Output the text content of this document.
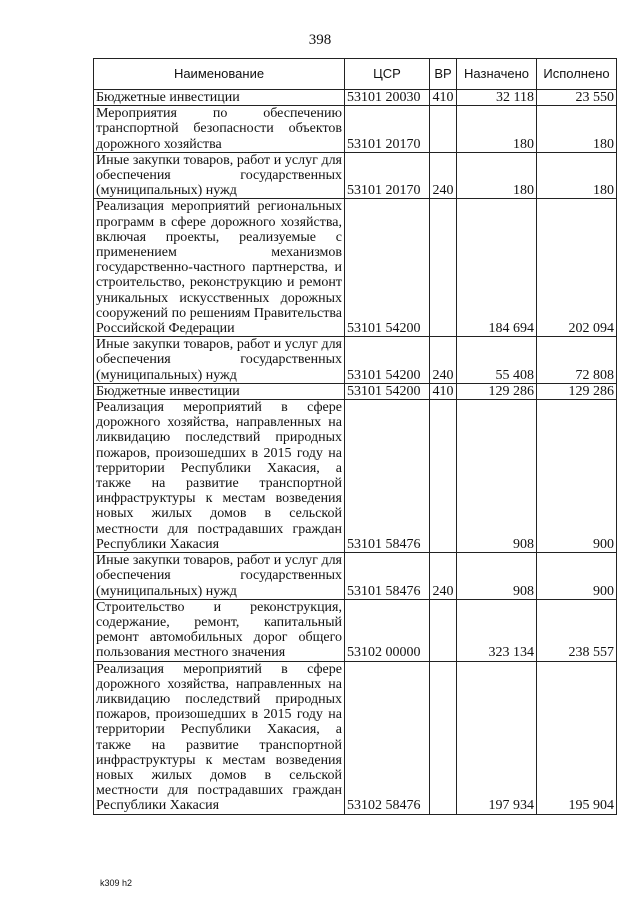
398
Наименование	ЦСР	ВР	Назначено	Исполнено
Бюджетные инвестиции	53101 20030	410	32 118	23 550
Мероприятия по обеспечению транспортной безопасности объектов дорожного хозяйства	53101 20170		180	180
Иные закупки товаров, работ и услуг для обеспечения государственных (муниципальных) нужд	53101 20170	240	180	180
Реализация мероприятий региональных программ в сфере дорожного хозяйства, включая проекты, реализуемые с применением механизмов государственно-частного партнерства, и строительство, реконструкцию и ремонт уникальных искусственных дорожных сооружений по решениям Правительства Российской Федерации	53101 54200		184 694	202 094
Иные закупки товаров, работ и услуг для обеспечения государственных (муниципальных) нужд	53101 54200	240	55 408	72 808
Бюджетные инвестиции	53101 54200	410	129 286	129 286
Реализация мероприятий в сфере дорожного хозяйства, направленных на ликвидацию последствий природных пожаров, произошедших в 2015 году на территории Республики Хакасия, а также на развитие транспортной инфраструктуры к местам возведения новых жилых домов в сельской местности для пострадавших граждан Республики Хакасия	53101 58476		908	900
Иные закупки товаров, работ и услуг для обеспечения государственных (муниципальных) нужд	53101 58476	240	908	900
Строительство и реконструкция, содержание, ремонт, капитальный ремонт автомобильных дорог общего пользования местного значения	53102 00000		323 134	238 557
Реализация мероприятий в сфере дорожного хозяйства, направленных на ликвидацию последствий природных пожаров, произошедших в 2015 году на территории Республики Хакасия, а также на развитие транспортной инфраструктуры к местам возведения новых жилых домов в сельской местности для пострадавших граждан Республики Хакасия	53102 58476		197 934	195 904
k309 h2
